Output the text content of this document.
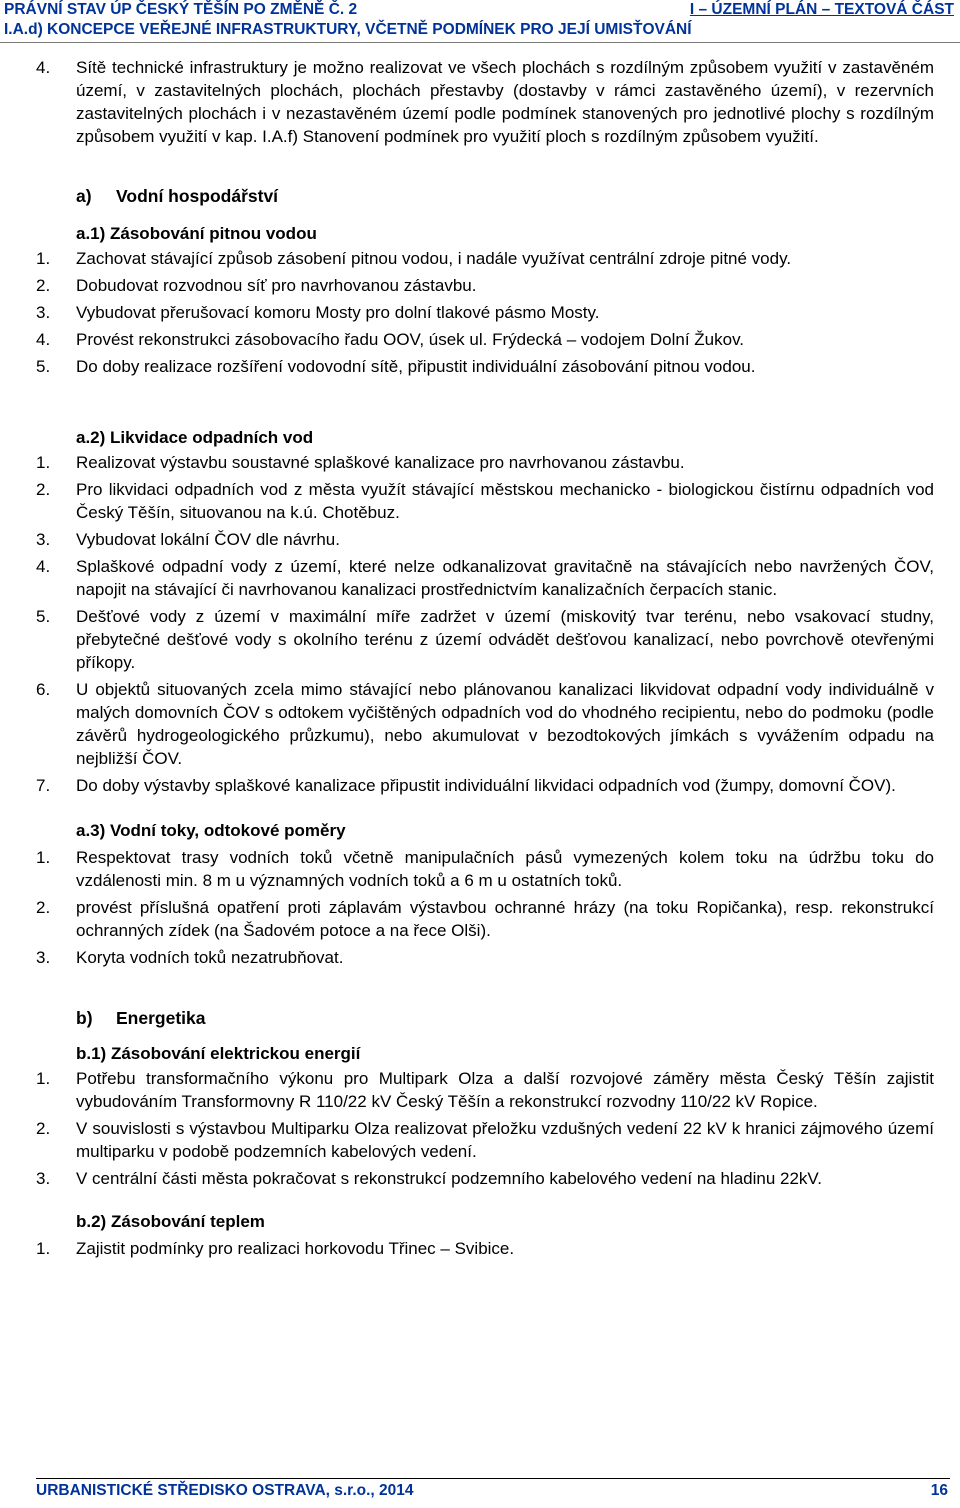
PRÁVNÍ STAV ÚP ČESKÝ TĚŠÍN PO ZMĚNĚ Č. 2	I – ÚZEMNÍ PLÁN – TEXTOVÁ ČÁST
I.A.d) KONCEPCE VEŘEJNÉ INFRASTRUKTURY, VČETNĚ PODMÍNEK PRO JEJÍ UMISŤOVÁNÍ
4. Sítě technické infrastruktury je možno realizovat ve všech plochách s rozdílným způsobem využití v zastavěném území, v zastavitelných plochách, plochách přestavby (dostavby v rámci zastavěného území), v rezervních zastavitelných plochách i v nezastavěném území podle podmínek stanovených pro jednotlivé plochy s rozdílným způsobem využití v kap. I.A.f) Stanovení podmínek pro využití ploch s rozdílným způsobem využití.
a) Vodní hospodářství
a.1) Zásobování pitnou vodou
1. Zachovat stávající způsob zásobení pitnou vodou, i nadále využívat centrální zdroje pitné vody.
2. Dobudovat rozvodnou síť pro navrhovanou zástavbu.
3. Vybudovat přerušovací komoru Mosty pro dolní tlakové pásmo Mosty.
4. Provést rekonstrukci zásobovacího řadu OOV, úsek ul. Frýdecká – vodojem Dolní Žukov.
5. Do doby realizace rozšíření vodovodní sítě, připustit individuální zásobování pitnou vodou.
a.2) Likvidace odpadních vod
1. Realizovat výstavbu soustavné splaškové kanalizace pro navrhovanou zástavbu.
2. Pro likvidaci odpadních vod z města využít stávající městskou mechanicko - biologickou čistírnu odpadních vod Český Těšín, situovanou na k.ú. Chotěbuz.
3. Vybudovat lokální ČOV dle návrhu.
4. Splaškové odpadní vody z území, které nelze odkanalizovat gravitačně na stávajících nebo navržených ČOV, napojit na stávající či navrhovanou kanalizaci prostřednictvím kanalizačních čerpacích stanic.
5. Dešťové vody z území v maximální míře zadržet v území (miskovitý tvar terénu, nebo vsakovací studny, přebytečné dešťové vody s okolního terénu z území odvádět dešťovou kanalizací, nebo povrchově otevřenými příkopy.
6. U objektů situovaných zcela mimo stávající nebo plánovanou kanalizaci likvidovat odpadní vody individuálně v malých domovních ČOV s odtokem vyčištěných odpadních vod do vhodného recipientu, nebo do podmoku (podle závěrů hydrogeologického průzkumu), nebo akumulovat v bezodtokových jímkách s vyvážením odpadu na nejbližší ČOV.
7. Do doby výstavby splaškové kanalizace připustit individuální likvidaci odpadních vod (žumpy, domovní ČOV).
a.3) Vodní toky, odtokové poměry
1. Respektovat trasy vodních toků včetně manipulačních pásů vymezených kolem toku na údržbu toku do vzdálenosti min. 8 m u významných vodních toků a 6 m u ostatních toků.
2. provést příslušná opatření proti záplavám výstavbou ochranné hrázy (na toku Ropičanka), resp. rekonstrukcí ochranných zídek (na Šadovém potoce a na řece Olši).
3. Koryta vodních toků nezatrubňovat.
b) Energetika
b.1) Zásobování elektrickou energií
1. Potřebu transformačního výkonu pro Multipark Olza a další rozvojové záměry města Český Těšín zajistit vybudováním Transformovny R 110/22 kV Český Těšín a rekonstrukcí rozvodny 110/22 kV Ropice.
2. V souvislosti s výstavbou Multiparku Olza realizovat přeložku vzdušných vedení 22 kV k hranici zájmového území multiparku v podobě podzemních kabelových vedení.
3. V centrální části města pokračovat s rekonstrukcí podzemního kabelového vedení na hladinu 22kV.
b.2) Zásobování teplem
1. Zajistit podmínky pro realizaci horkovodu Třinec – Svibice.
URBANISTICKÉ STŘEDISKO OSTRAVA, s.r.o., 2014	16
